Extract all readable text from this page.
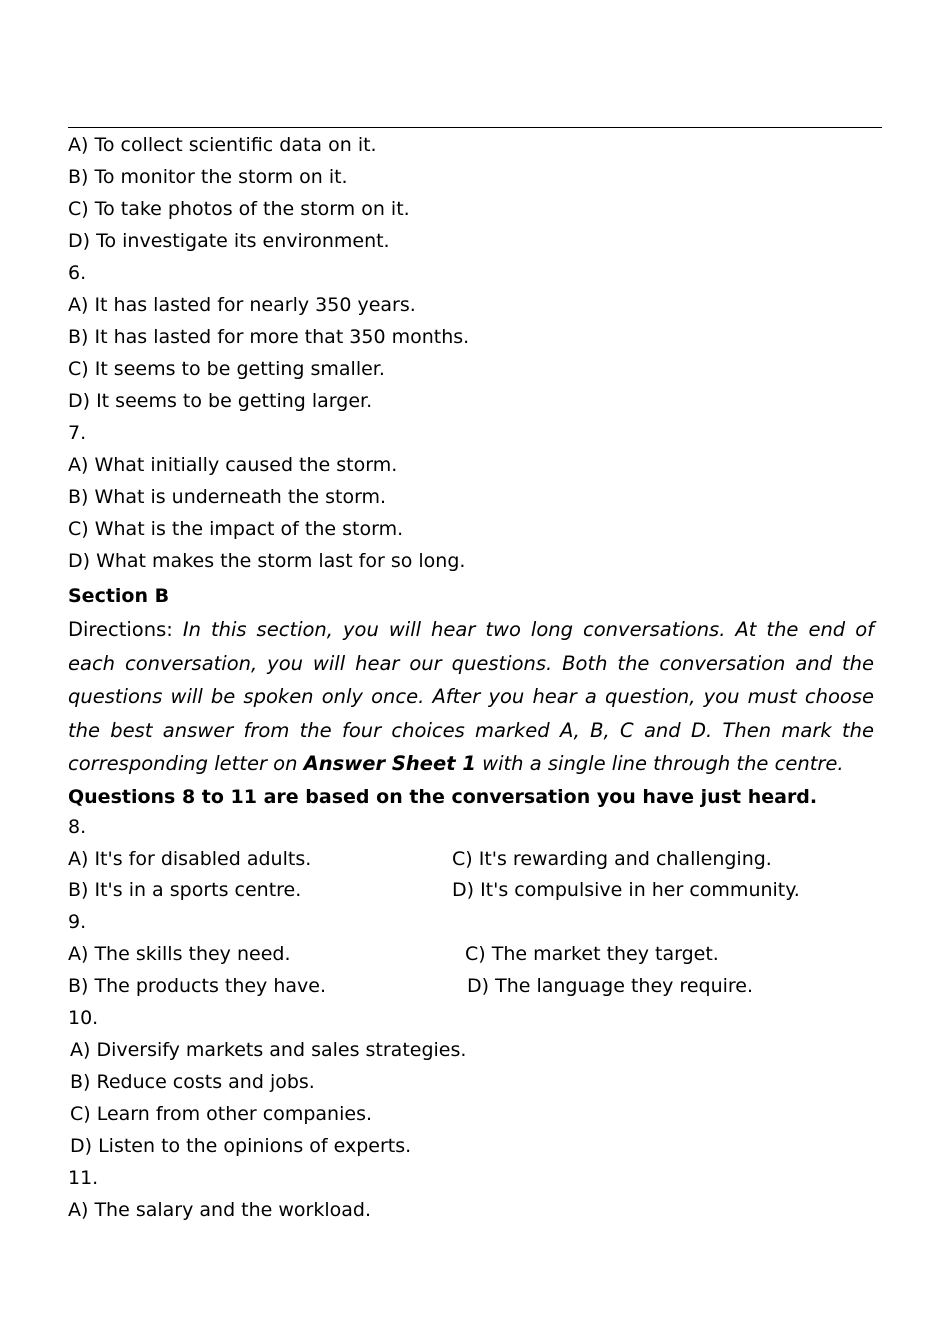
A) To collect scientific data on it.
B) To monitor the storm on it.
C) To take photos of the storm on it.
D) To investigate its environment.
6.
A) It has lasted for nearly 350 years.
B) It has lasted for more that 350 months.
C) It seems to be getting smaller.
D) It seems to be getting larger.
7.
A) What initially caused the storm.
B) What is underneath the storm.
C) What is the impact of the storm.
D) What makes the storm last for so long.
Section B
Directions: In this section, you will hear two long conversations. At the end of each conversation, you will hear our questions. Both the conversation and the questions will be spoken only once. After you hear a question, you must choose the best answer from the four choices marked A, B, C and D. Then mark the corresponding letter on Answer Sheet 1 with a single line through the centre.
Questions 8 to 11 are based on the conversation you have just heard.
8.
A) It's for disabled adults.	C) It's rewarding and challenging.
B) It's in a sports centre.	D) It's compulsive in her community.
9.
A) The skills they need.	C) The market they target.
B) The products they have.	D) The language they require.
10.
A) Diversify markets and sales strategies.
B) Reduce costs and jobs.
C) Learn from other companies.
D) Listen to the opinions of experts.
11.
A) The salary and the workload.
